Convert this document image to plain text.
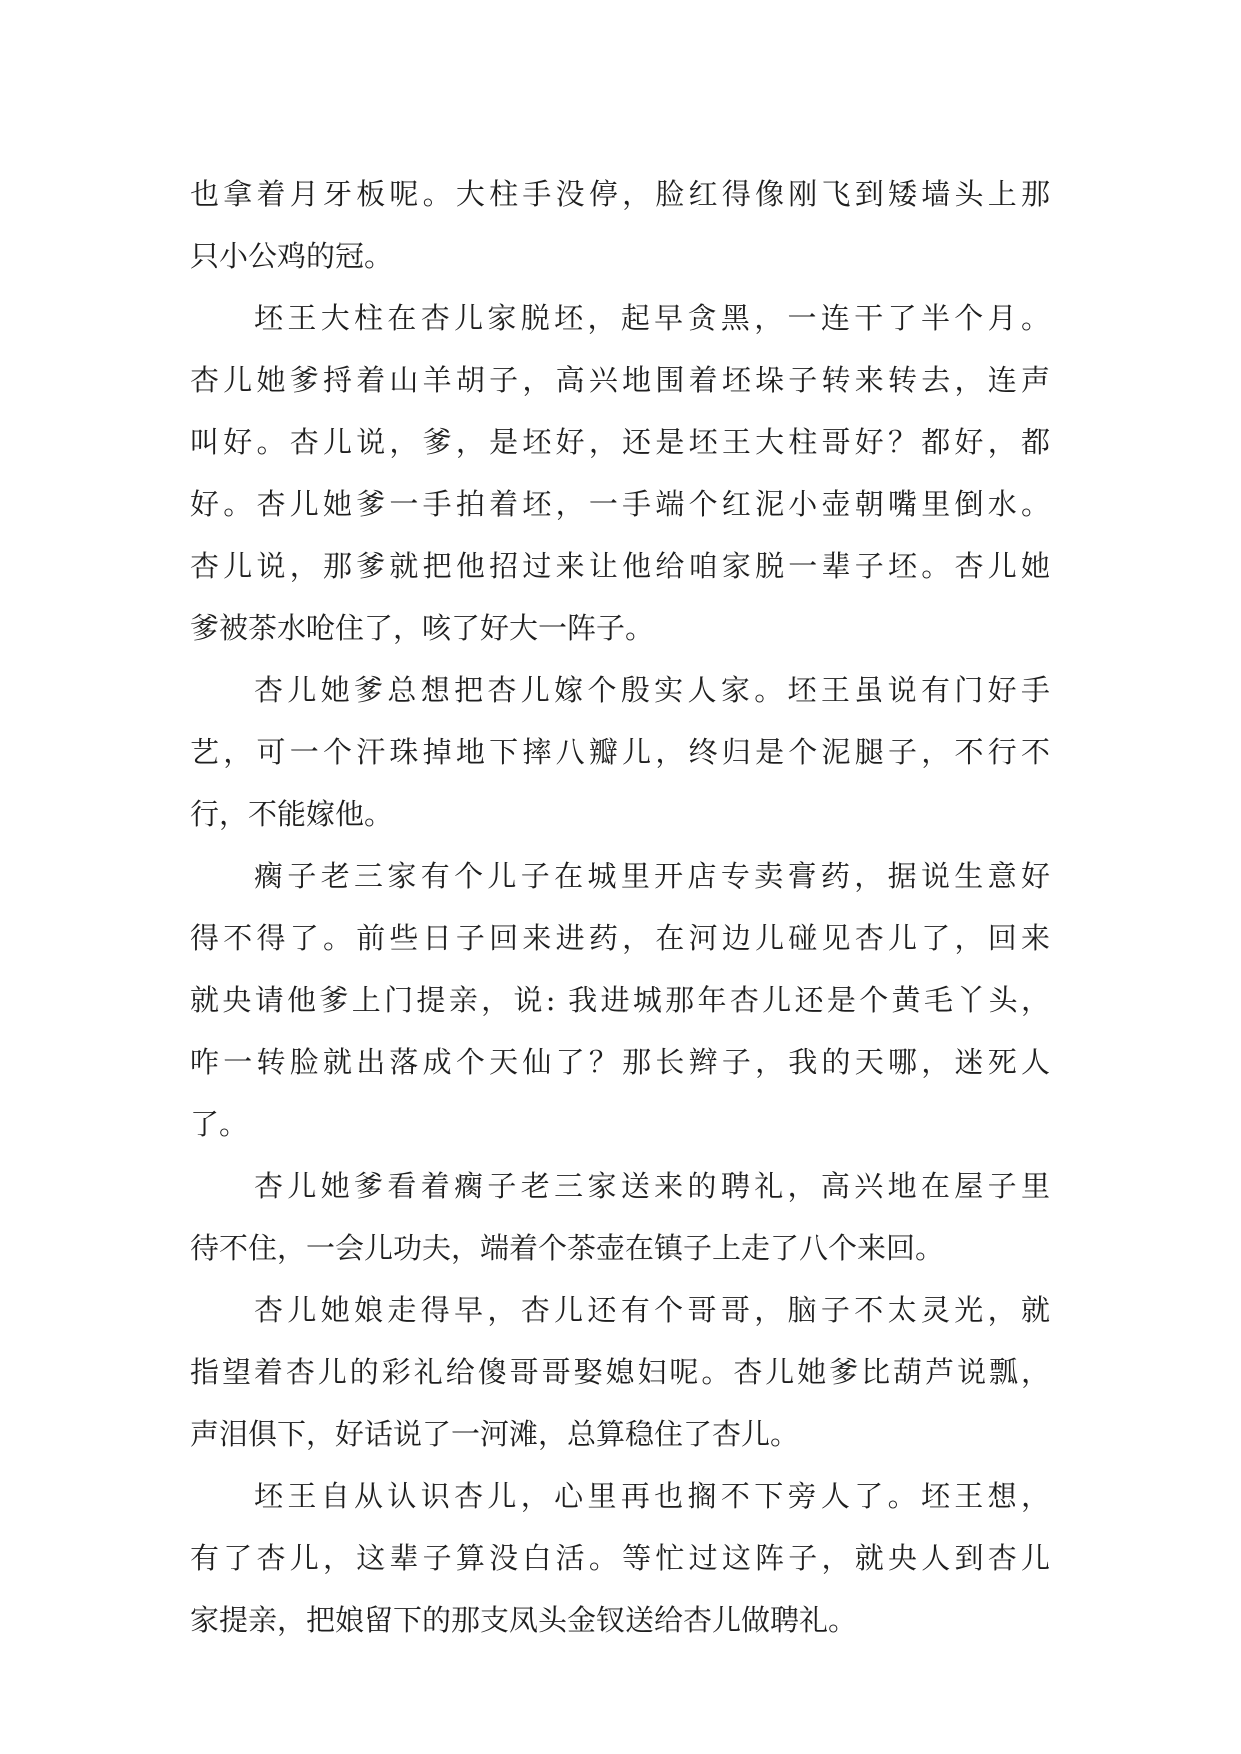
也拿着月牙板呢。大柱手没停，脸红得像刚飞到矮墙头上那
只小公鸡的冠。
坯王大柱在杏儿家脱坯，起早贪黑，一连干了半个月。
杏儿她爹捋着山羊胡子，高兴地围着坯垛子转来转去，连声
叫好。杏儿说，爹，是坯好，还是坯王大柱哥好？都好，都
好。杏儿她爹一手拍着坯，一手端个红泥小壶朝嘴里倒水。
杏儿说，那爹就把他招过来让他给咱家脱一辈子坯。杏儿她
爹被茶水呛住了，咳了好大一阵子。
杏儿她爹总想把杏儿嫁个殷实人家。坯王虽说有门好手
艺，可一个汗珠掉地下摔八瓣儿，终归是个泥腿子，不行不
行，不能嫁他。
瘸子老三家有个儿子在城里开店专卖膏药，据说生意好
得不得了。前些日子回来进药，在河边儿碰见杏儿了，回来
就央请他爹上门提亲，说: 我进城那年杏儿还是个黄毛丫头，
咋一转脸就出落成个天仙了？那长辫子，我的天哪，迷死人
了。
杏儿她爹看着瘸子老三家送来的聘礼，高兴地在屋子里
待不住，一会儿功夫，端着个茶壶在镇子上走了八个来回。
杏儿她娘走得早，杏儿还有个哥哥，脑子不太灵光，就
指望着杏儿的彩礼给傻哥哥娶媳妇呢。杏儿她爹比葫芦说瓢，
声泪俱下，好话说了一河滩，总算稳住了杏儿。
坯王自从认识杏儿，心里再也搁不下旁人了。坯王想，
有了杏儿，这辈子算没白活。等忙过这阵子，就央人到杏儿
家提亲，把娘留下的那支凤头金钗送给杏儿做聘礼。
